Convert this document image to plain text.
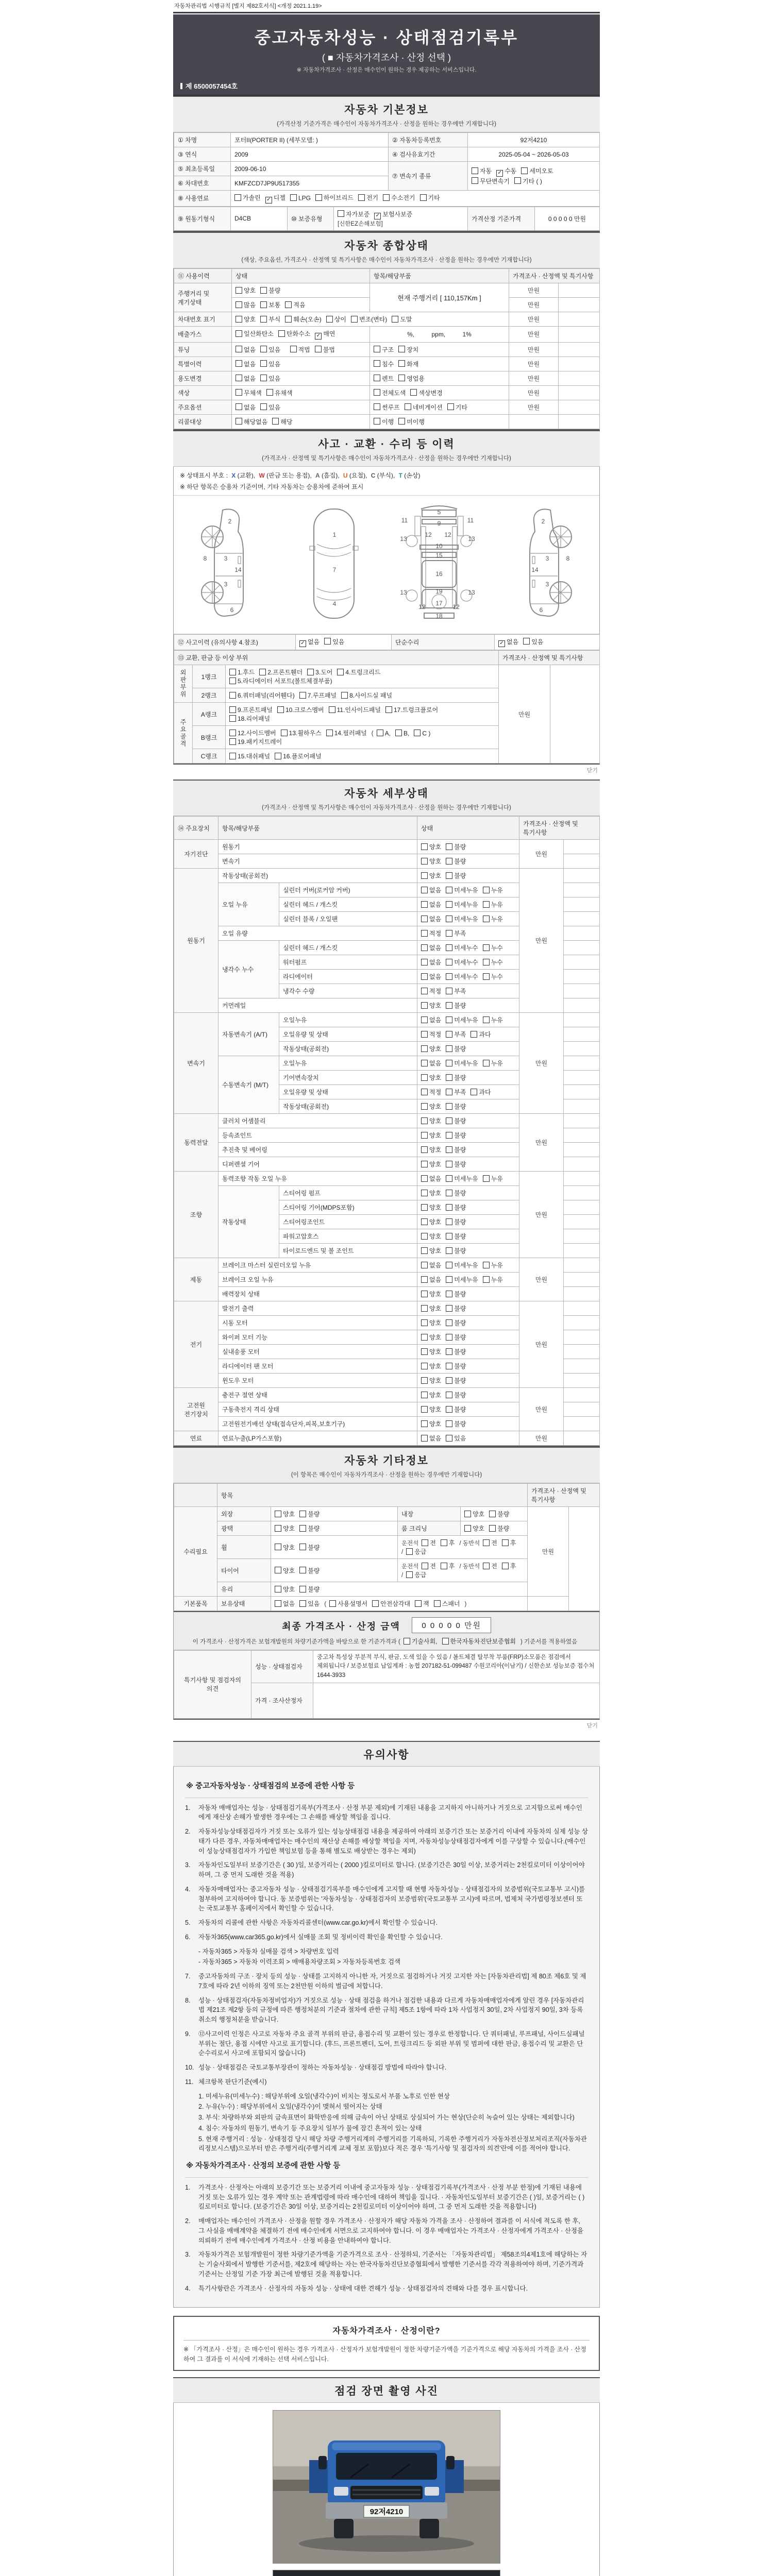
자동차관리법 시행규칙 [별지 제82호서식] <개정 2021.1.19>
중고자동차성능 · 상태점검기록부
( ■ 자동차가격조사 · 산정 선택 )
※ 자동차가격조사 · 산정은 매수인이 원하는 경우 제공하는 서비스입니다.
제 6500057454호
자동차 기본정보
(가격산정 기준가격은 매수인이 자동차가격조사 · 산정을 원하는 경우에만 기재합니다)
① 차명	포터II(PORTER II) (세부모델: )	② 자동차등록번호	92저4210
③ 연식	2009	④ 검사유효기간	2025-05-04 ~ 2026-05-03
⑤ 최초등록일	2009-06-10	⑦ 변속기 종류	자동 ✓ 수동 세미오토
무단변속기 기타 ( )
⑥ 차대번호	KMFZCD7JP9U517355		
⑧ 사용연료	가솔린 ✓ 디젤 LPG 하이브리드 전기 수소전기 기타		
⑨ 원동기형식	D4CB	⑩ 보증유형	자가보증 ✓ 보험사보증[신한EZ손해보험]	가격산정 기준가격	0 0 0 0 0 만원
자동차 종합상태
(색상, 주요옵션, 가격조사 · 산정액 및 특기사항은 매수인이 자동차가격조사 · 산정을 원하는 경우에만 기재합니다)
⑪ 사용이력	상태	항목/해당부품	가격조사 · 산정액 및 특기사항	
주행거리 및 계기상태	양호 불량	현재 주행거리 [ 110,157Km ]	만원	
	많음 보통 적음		만원	
차대번호 표기	양호 부식 훼손(오손) 상이 변조(변타) 도말		만원	
배출가스	일산화탄소 탄화수소 ✓ 매연	%,          ppm,          1%	만원	
튜닝	없음 있음 적법 불법	구조 장치	만원	
특별이력	없음 있음	침수 화재	만원	
용도변경	없음 있음	렌트 영업용	만원	
색상	무채색 유채색	전체도색 색상변경	만원	
주요옵션	없음 있음	썬루프 네비게이션 기타	만원	
리콜대상	해당없음 해당	이행 미이행		
사고 · 교환 · 수리 등 이력
(가격조사 · 산정액 및 특기사항은 매수인이 자동차가격조사 · 산정을 원하는 경우에만 기재합니다)
※ 상태표시 부호 : X (교환), W (판금 또는 용접), A (흠집), U (요철), C (부식), T (손상)
※ 하단 항목은 승용차 기준이며, 기타 자동차는 승용차에 준하여 표시
2
8	3
14
3
6
1
7
4
5
11	11
9
12 12
13	13
10
15
16
13	13
19
17
12	12
18
2
8
3
14
3
6
⑫ 사고이력 (유의사항 4.참조)	✓ 없음 있음	단순수리	✓ 없음 있음
⑬ 교환, 판금 등 이상 부위			가격조사 · 산정액 및 특기사항	
외판부위	1랭크	1.후드 2.프론트휀더 3.도어 4.트렁크리드
5.라디에이터 서포트(볼트체결부품)	만원	
	2랭크	6.쿼터패널(리어휀다) 7.루프패널 8.사이드실 패널		
주요골격	A랭크	9.프론트패널 10.크로스멤버 11.인사이드패널 17.트렁크플로어
18.리어패널		
	B랭크	12.사이드멤버 13.휠하우스 14.필러패널 ( A, B, C )
19.패키지트레이		
	C랭크	15.대쉬패널 16.플로어패널		
닫기
자동차 세부상태
(가격조사 · 산정액 및 특기사항은 매수인이 자동차가격조사 · 산정을 원하는 경우에만 기재합니다)
⑭ 주요장치	항목/해당부품		상태	가격조사 · 산정액 및 특기사항	
자기진단	원동기		양호 불량	만원	
	변속기		양호 불량		
원동기	작동상태(공회전)		양호 불량	만원	
	오일 누유	실린더 커버(로커암 커버)	없음 미세누유 누유		
		실린더 헤드 / 개스킷	없음 미세누유 누유		
		실린더 블록 / 오일팬	없음 미세누유 누유		
	오일 유량		적정 부족		
	냉각수 누수	실린더 헤드 / 개스킷	없음 미세누수 누수		
		워터펌프	없음 미세누수 누수		
		라디에이터	없음 미세누수 누수		
		냉각수 수량	적정 부족		
	커먼레일		양호 불량		
변속기	자동변속기 (A/T)	오일누유	없음 미세누유 누유	만원	
		오일유량 및 상태	적정 부족 과다		
		작동상태(공회전)	양호 불량		
	수동변속기 (M/T)	오일누유	없음 미세누유 누유		
		기어변속장치	양호 불량		
		오일유량 및 상태	적정 부족 과다		
		작동상태(공회전)	양호 불량		
동력전달	클러치 어셈블리		양호 불량	만원	
	등속죠인트		양호 불량		
	추진축 및 베어링		양호 불량		
	디퍼렌셜 기어		양호 불량		
조향	동력조향 작동 오일 누유		없음 미세누유 누유	만원	
	작동상태	스티어링 펌프	양호 불량		
		스티어링 기어(MDPS포함)	양호 불량		
		스티어링조인트	양호 불량		
		파워고압호스	양호 불량		
		타이로드엔드 및 볼 조인트	양호 불량		
제동	브레이크 마스터 실린더오일 누유		없음 미세누유 누유	만원	
	브레이크 오일 누유		없음 미세누유 누유		
	배력장치 상태		양호 불량		
전기	발전기 출력		양호 불량	만원	
	시동 모터		양호 불량		
	와이퍼 모터 기능		양호 불량		
	실내송풍 모터		양호 불량		
	라디에이터 팬 모터		양호 불량		
	윈도우 모터		양호 불량		
고전원 전기장치	충전구 절연 상태		양호 불량	만원	
	구동축전지 격리 상태		양호 불량		
	고전원전기배선 상태(접속단자,피복,보호기구)		양호 불량		
연료	연료누출(LP가스포함)		없음 있음	만원	
자동차 기타정보
(이 항목은 매수인이 자동차가격조사 · 산정을 원하는 경우에만 기재합니다)
	항목				가격조사 · 산정액 및 특기사항	
수리필요	외장	양호 불량	내장	양호 불량	만원	
	광택	양호 불량	룸 크리닝	양호 불량		
	휠	양호 불량	운전석 전 후 / 동반석 전 후/ 응급			
	타이어	양호 불량	운전석 전 후 / 동반석 전 후/ 응급			
	유리	양호 불량				
기본품목	보유상태	없음 있음 ( 사용설명서 안전삼각대 잭 스패너 )				
최종 가격조사 · 산정 금액	0 0 0 0 0 만원
이 가격조사 · 산정가격은 보험개발원의 차량기준가액을 바탕으로 한 기준가격과 ( 기술사회, 한국자동차진단보증협회 ) 기준서를 적용하였음
특기사항 및 점검자의 의견	성능 · 상태점검자	중고차 특성상 부분적 부식, 판금, 도색 있을 수 있음 / 볼트체결 탈부착 부품(FRP)소모품은 점검에서 제외됩니다 / 보증보험료 납입계좌 : 농협 207182-51-099487 수원코리아(이남기) / 신한손보 성능보증 접수처 1644-3933
	가격 · 조사산정자	
닫기
유의사항
※ 중고자동차성능 · 상태점검의 보증에 관한 사항 등
1.	자동차 매매업자는 성능 · 상태점검기록부(가격조사 · 산정 부분 제외)에 기재된 내용을 고지하지 아니하거나 거짓으로 고지함으로써 매수인에게 재산상 손해가 발생한 경우에는 그 손해를 배상할 책임을 집니다.
2.	자동차성능상태점검자가 거짓 또는 오류가 있는 성능상태점검 내용을 제공하여 아래의 보증기간 또는 보증거리 이내에 자동차의 실제 성능 상태가 다른 경우, 자동차매매업자는 매수인의 재산상 손해를 배상할 책임을 지며, 자동차성능상태점검자에게 이를 구상할 수 있습니다.(매수인이 성능상태점검자가 가입한 책임보험 등을 통해 별도로 배상받는 경우는 제외)
3.	자동차인도일부터 보증기간은 ( 30 )일, 보증거리는 ( 2000 )킬로미터로 합니다. (보증기간은 30일 이상, 보증거리는 2천킬로미터 이상이어야 하며, 그 중 먼저 도래한 것을 적용)
4.	자동차매매업자는 중고자동차 성능 · 상태점검기록부를 매수인에게 고지할 때 현행 자동차성능 · 상태점검자의 보증범위(국토교통부 고시)를 첨부하여 고지하여야 합니다. 동 보증범위는 '자동차성능 · 상태점검자의 보증범위'(국토교통부 고시)에 따르며, 법제처 국가법령정보센터 또는 국토교통부 홈페이지에서 확인할 수 있습니다.
5.	자동차의 리콜에 관한 사항은 자동차리콜센터(www.car.go.kr)에서 확인할 수 있습니다.
6.	자동차365(www.car365.go.kr)에서 실매물 조회 및 정비이력 확인을 확인할 수 있습니다.
- 자동차365 > 자동차 실매물 검색 > 차량번호 입력
- 자동차365 > 자동차 이력조회 > 매매용차량조회 > 자동차등록번호 검색
7.	중고자동차의 구조 · 장치 등의 성능 · 상태를 고지하지 아니한 자, 거짓으로 점검하거나 거짓 고지한 자는 [자동차관리법] 제 80조 제6호 및 제7호에 따라 2년 이하의 징역 또는 2천만원 이하의 벌금에 처합니다.
8.	성능 · 상태점검자(자동차정비업자)가 거짓으로 성능 · 상태 점검을 하거나 점검한 내용과 다르게 자동차매매업자에게 알린 경우 [자동차관리법 제21조 제2항 등의 규정에 따른 행정처분의 기준과 절차에 관한 규칙] 제5조 1항에 따라 1차 사업정지 30일, 2차 사업정지 90일, 3차 등록취소의 행정처분을 받습니다.
9.	⑫사고이력 인정은 사고로 자동차 주요 골격 부위의 판금, 용접수리 및 교환이 있는 경우로 한정합니다. 단 쿼터패널, 루프패널, 사이드실패널 부위는 절단, 용접 시에만 사고로 표기합니다. (후드, 프론트펜더, 도어, 트렁크리드 등 외판 부위 및 범퍼에 대한 판금, 용접수리 및 교환은 단순수리로서 사고에 포함되지 않습니다)
10. 성능 · 상태점검은 국토교통부장관이 정하는 자동차성능 · 상태점검 방법에 따라야 합니다.
11. 체크항목 판단기준(예시)
1. 미세누유(미세누수) : 해당부위에 오일(냉각수)이 비치는 정도로서 부품 노후로 인한 현상
2. 누유(누수) : 해당부위에서 오일(냉각수)이 맺혀서 떨어지는 상태
3. 부식: 차량하부와 외판의 금속표면이 화학반응에 의해 금속이 아닌 상태로 상실되어 가는 현상(단순히 녹슬어 있는 상태는 제외합니다)
4. 침수: 자동차의 원동기, 변속기 등 주요장치 일부가 물에 잠긴 흔적이 있는 상태
5. 현재 주행거리 : 성능 · 상태점검 당시 해당 차량 주행거리계의 주행거리를 기록하되, 기록한 주행거리가 자동차전산정보처리조직(자동차관리정보시스템)으로부터 받은 주행거리(주행거리계 교체 정보 포함)보다 적은 경우 '특기사항 및 점검자의 의견'란에 이를 적어야 합니다.
※ 자동차가격조사 · 산정의 보증에 관한 사항 등
1.	가격조사 · 산정자는 아래의 보증기간 또는 보증거리 이내에 중고자동차 성능 · 상태점검기록부(가격조사 · 산정 부분 한정)에 기재된 내용에 거짓 또는 오류가 있는 경우 계약 또는 관계법령에 따라 매수인에 대하여 책임을 집니다. · 자동차인도일부터 보증기간은 ( )일, 보증거리는 ( )킬로미터로 합니다. (보증기간은 30일 이상, 보증거리는 2천킬로미터 이상이어야 하며, 그 중 먼저 도래한 것을 적용합니다)
2.	매매업자는 매수인이 가격조사 · 산정을 원할 경우 가격조사 · 산정자가 해당 자동차 가격을 조사 · 산정하여 결과를 이 서식에 적도록 한 후, 그 사실을 매매계약을 체결하기 전에 매수인에게 서면으로 고지하여야 합니다. 이 경우 매매업자는 가격조사 · 산정자에게 가격조사 · 산정을 의뢰하기 전에 매수인에게 가격조사 · 산정 비용을 안내하여야 합니다.
3.	자동차가격은 보험개발원이 정한 차량기준가액을 기준가격으로 조사 · 산정하되, 기준서는 「자동차관리법」 제58조의4제1호에 해당하는 자는 기술사회에서 발행한 기준서를, 제2호에 해당하는 자는 한국자동차진단보증협회에서 발행한 기준서를 각각 적용하여야 하며, 기준가격과 기준서는 산정일 기준 가장 최근에 발행된 것을 적용합니다.
4.	특기사항란은 가격조사 · 산정자의 자동차 성능 · 상태에 대한 견해가 성능 · 상태점검자의 견해와 다를 경우 표시합니다.
자동차가격조사 · 산정이란?
※ 「가격조사 · 산정」은 매수인이 원하는 경우 가격조사 · 산정자가 보험개발원이 정한 차량기준가액을 기준가격으로 해당 자동차의 가격을 조사 · 산정하여 그 결과를 이 서식에 기재하는 선택 서비스입니다.
점검 장면 촬영 사진
92저4210
